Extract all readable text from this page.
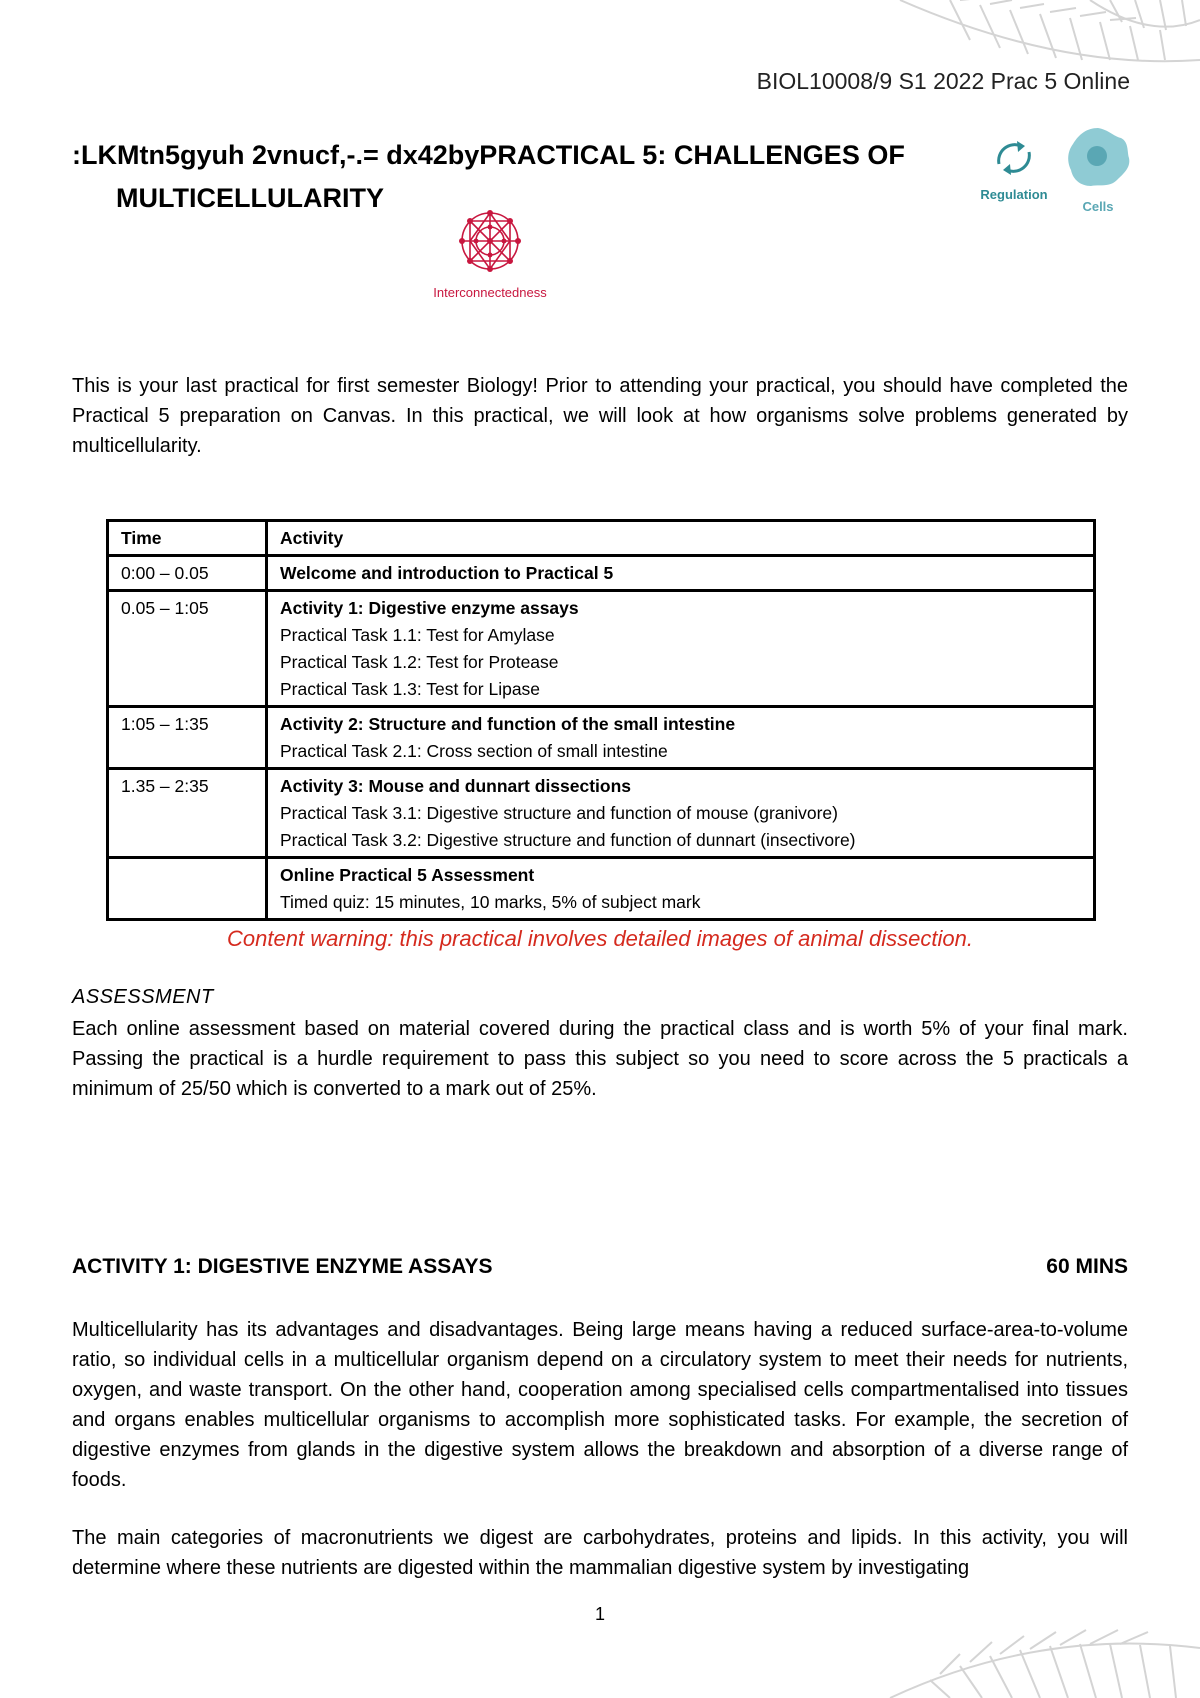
BIOL10008/9 S1 2022 Prac 5 Online
:LKMtn5gyuh 2vnucf,-.= dx42byPRACTICAL 5: CHALLENGES OF
MULTICELLULARITY
Interconnectedness
Regulation
Cells

This is your last practical for first semester Biology! Prior to attending your practical, you should have completed the Practical 5 preparation on Canvas. In this practical, we will look at how organisms solve problems generated by multicellularity.

Time	Activity
0:00 – 0.05	Welcome and introduction to Practical 5

0.05 – 1:05	Activity 1: Digestive enzyme assays
Practical Task 1.1: Test for Amylase
Practical Task 1.2: Test for Protease
Practical Task 1.3: Test for Lipase

1:05 – 1:35	Activity 2: Structure and function of the small intestine
Practical Task 2.1: Cross section of small intestine

1.35 – 2:35	Activity 3: Mouse and dunnart dissections
Practical Task 3.1: Digestive structure and function of mouse (granivore)
Practical Task 3.2: Digestive structure and function of dunnart (insectivore)

	Online Practical 5 Assessment
Timed quiz: 15 minutes, 10 marks, 5% of subject mark
Content warning: this practical involves detailed images of animal dissection.
ASSESSMENT

Each online assessment based on material covered during the practical class and is worth 5% of your final mark. Passing the practical is a hurdle requirement to pass this subject so you need to score across the 5 practicals a minimum of 25/50 which is converted to a mark out of 25%.

ACTIVITY 1: DIGESTIVE ENZYME ASSAYS	60 MINS

Multicellularity has its advantages and disadvantages. Being large means having a reduced surface-area-to-volume ratio, so individual cells in a multicellular organism depend on a circulatory system to meet their needs for nutrients, oxygen, and waste transport. On the other hand, cooperation among specialised cells compartmentalised into tissues and organs enables multicellular organisms to accomplish more sophisticated tasks. For example, the secretion of digestive enzymes from glands in the digestive system allows the breakdown and absorption of a diverse range of foods.

The main categories of macronutrients we digest are carbohydrates, proteins and lipids. In this activity, you will determine where these nutrients are digested within the mammalian digestive system by investigating

1
